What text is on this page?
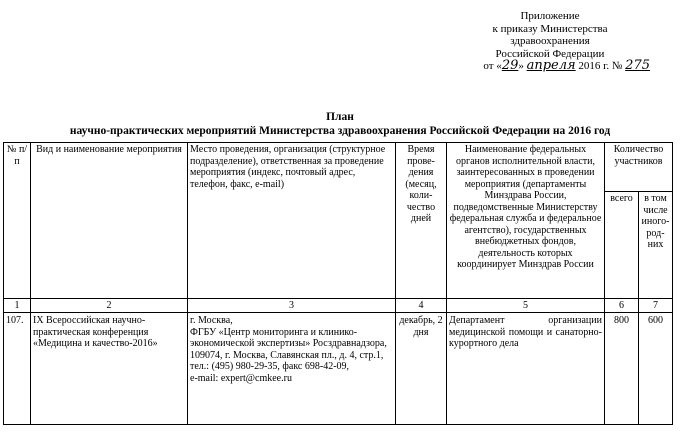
Приложение
к приказу Министерства
здравоохранения
Российской Федерации
от «29» апреля 2016 г. № 275
План
научно-практических мероприятий Министерства здравоохранения Российской Федерации на 2016 год
№ п/п	Вид и наименование мероприятия	Место проведения, организация (структурное подразделение), ответственная за проведение мероприятия (индекс, почтовый адрес, телефон, факс, e-mail)	Время прове- дения (месяц, коли- чество дней	Наименование федеральных органов исполнительной власти, заинтересованных в проведении мероприятия (департаменты Минздрава России, подведомственные Министерству федеральная служба и федеральное агентство), государственных внебюджетных фондов, деятельность которых координирует Минздрав России	Количество участников	
					всего	в том числе иного- род- них
1	2	3	4	5	6	7
107.	IX Всероссийская научно-практическая конференция «Медицина и качество-2016»	г. Москва,
ФГБУ «Центр мониторинга и клинико-экономической экспертизы» Росздравнадзора,
109074, г. Москва, Славянская пл., д. 4, стр.1,
тел.: (495) 980-29-35, факс 698-42-09,
e-mail: expert@cmkee.ru	декабрь, 2 дня	Департамент организации медицинской помощи и санаторно-курортного дела	800	600
